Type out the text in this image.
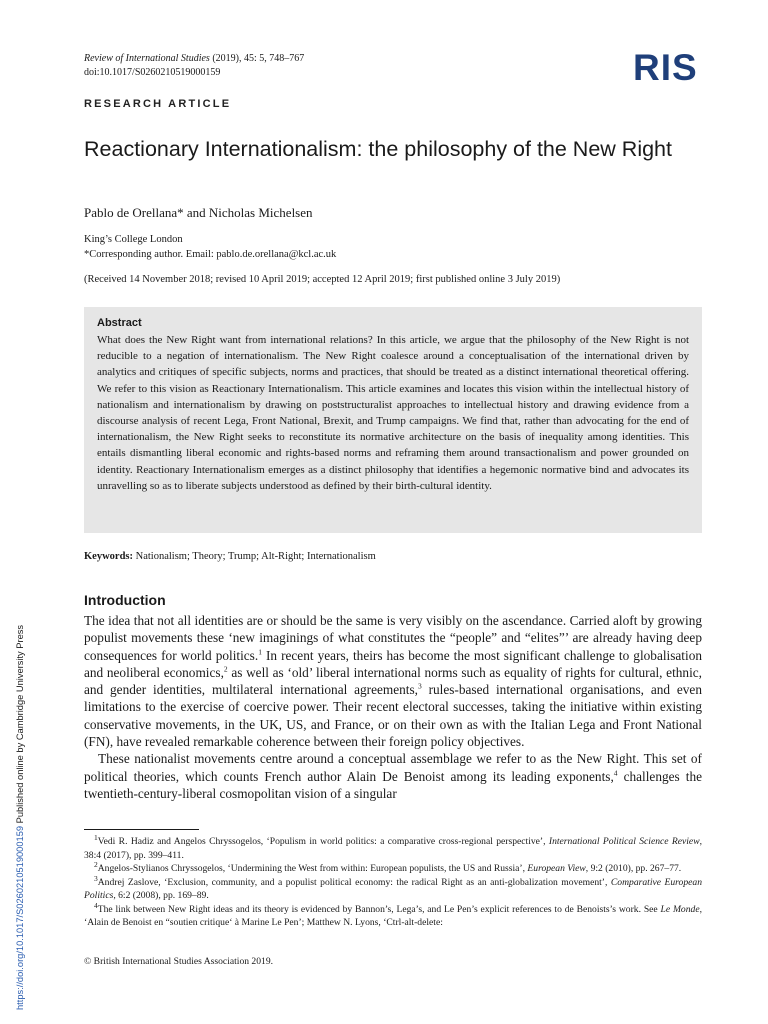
Review of International Studies (2019), 45: 5, 748–767
doi:10.1017/S0260210519000159	RIS
RESEARCH ARTICLE
Reactionary Internationalism: the philosophy of the New Right
Pablo de Orellana* and Nicholas Michelsen
King’s College London
*Corresponding author. Email: pablo.de.orellana@kcl.ac.uk
(Received 14 November 2018; revised 10 April 2019; accepted 12 April 2019; first published online 3 July 2019)
Abstract
What does the New Right want from international relations? In this article, we argue that the philosophy of the New Right is not reducible to a negation of internationalism. The New Right coalesce around a conceptualisation of the international driven by analytics and critiques of specific subjects, norms and practices, that should be treated as a distinct international theoretical offering. We refer to this vision as Reactionary Internationalism. This article examines and locates this vision within the intellectual history of nationalism and internationalism by drawing on poststructuralist approaches to intellectual history and drawing evidence from a discourse analysis of recent Lega, Front National, Brexit, and Trump campaigns. We find that, rather than advocating for the end of internationalism, the New Right seeks to reconstitute its normative architecture on the basis of inequality among identities. This entails dismantling liberal economic and rights-based norms and reframing them around transactionalism and power grounded on identity. Reactionary Internationalism emerges as a distinct philosophy that identifies a hegemonic normative bind and advocates its unravelling so as to liberate subjects understood as defined by their birth-cultural identity.
Keywords: Nationalism; Theory; Trump; Alt-Right; Internationalism
Introduction

The idea that not all identities are or should be the same is very visibly on the ascendance. Carried aloft by growing populist movements these ‘new imaginings of what constitutes the “people” and “elites”’ are already having deep consequences for world politics.$^1$ In recent years, theirs has become the most significant challenge to globalisation and neoliberal economics,$^2$ as well as ‘old’ liberal international norms such as equality of rights for cultural, ethnic, and gender identities, multilateral international agreements,$^3$ rules-based international organisations, and even limitations to the exercise of coercive power. Their recent electoral successes, taking the initiative within existing conservative movements, in the UK, US, and France, or on their own as with the Italian Lega and Front National (FN), have revealed remarkable coherence between their foreign policy objectives.

These nationalist movements centre around a conceptual assemblage we refer to as the New Right. This set of political theories, which counts French author Alain De Benoist among its leading exponents,$^4$ challenges the twentieth-century-liberal cosmopolitan vision of a singular

$^1$Vedi R. Hadiz and Angelos Chryssogelos, ‘Populism in world politics: a comparative cross-regional perspective’, International Political Science Review, 38:4 (2017), pp. 399–411.

$^2$Angelos-Stylianos Chryssogelos, ‘Undermining the West from within: European populists, the US and Russia’, European View, 9:2 (2010), pp. 267–77.

$^3$Andrej Zaslove, ‘Exclusion, community, and a populist political economy: the radical Right as an anti-globalization movement’, Comparative European Politics, 6:2 (2008), pp. 169–89.

$^4$The link between New Right ideas and its theory is evidenced by Bannon’s, Lega’s, and Le Pen’s explicit references to de Benoists’s work. See Le Monde, ‘Alain de Benoist en “soutien critique‘ à Marine Le Pen’; Matthew N. Lyons, ‘Ctrl-alt-delete:

© British International Studies Association 2019.
https://doi.org/10.1017/S0260210519000159 Published online by Cambridge University Press
